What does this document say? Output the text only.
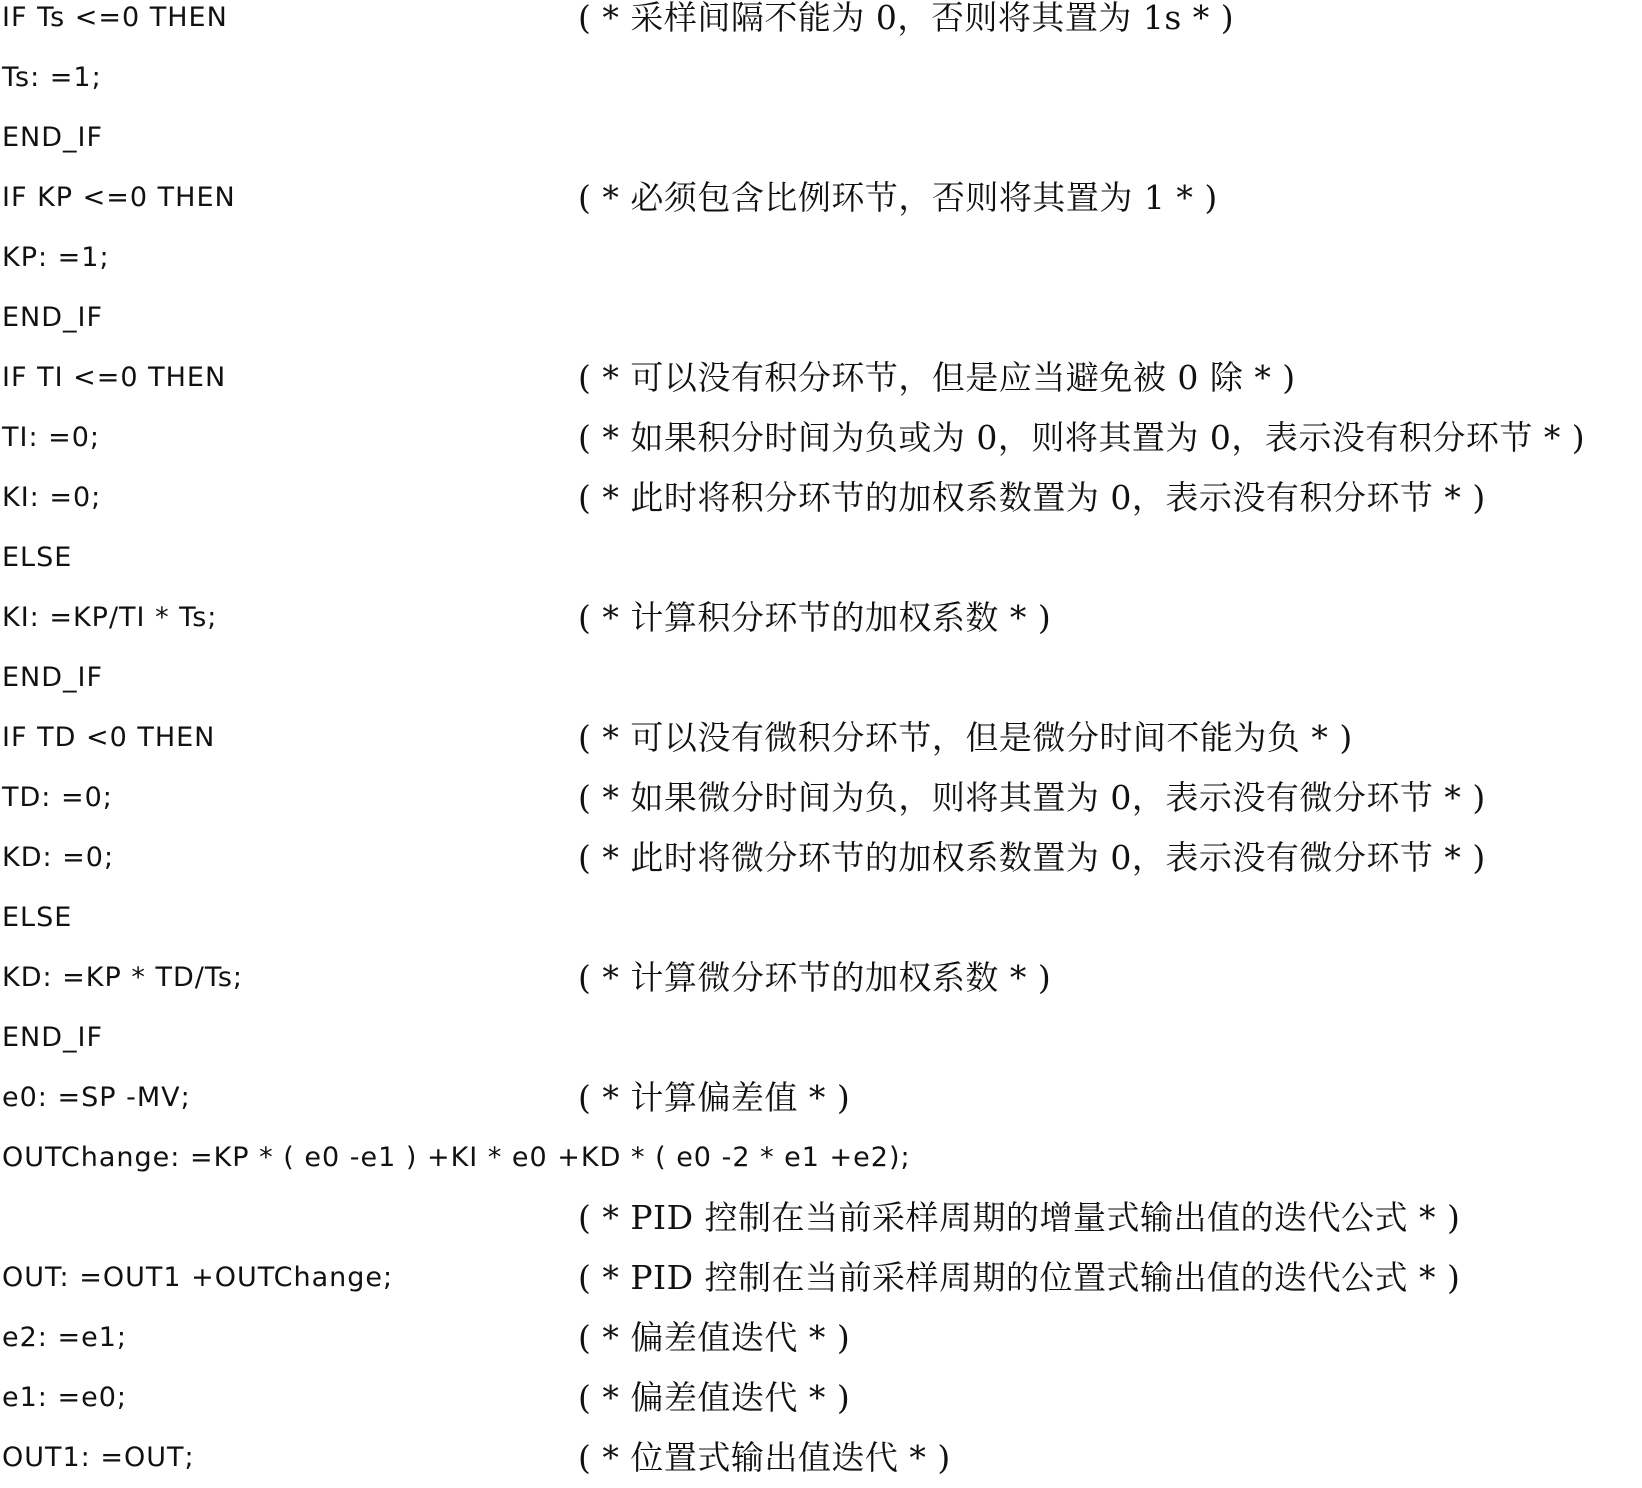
IF Ts <=0 THEN	( * 采样间隔不能为 0，否则将其置为 1s * )
Ts: =1;
END_IF
IF KP <=0 THEN	( * 必须包含比例环节，否则将其置为 1 * )
KP: =1;
END_IF
IF TI <=0 THEN	( * 可以没有积分环节，但是应当避免被 0 除 * )
TI: =0;	( * 如果积分时间为负或为 0，则将其置为 0，表示没有积分环节 * )
KI: =0;	( * 此时将积分环节的加权系数置为 0，表示没有积分环节 * )
ELSE
KI: =KP/TI * Ts;	( * 计算积分环节的加权系数 * )
END_IF
IF TD <0 THEN	( * 可以没有微积分环节，但是微分时间不能为负 * )
TD: =0;	( * 如果微分时间为负，则将其置为 0，表示没有微分环节 * )
KD: =0;	( * 此时将微分环节的加权系数置为 0，表示没有微分环节 * )
ELSE
KD: =KP * TD/Ts;	( * 计算微分环节的加权系数 * )
END_IF
e0: =SP -MV;	( * 计算偏差值 * )
OUTChange: =KP * ( e0 -e1 ) +KI * e0 +KD * ( e0 -2 * e1 +e2);
( * PID 控制在当前采样周期的增量式输出值的迭代公式 * )
OUT: =OUT1 +OUTChange;	( * PID 控制在当前采样周期的位置式输出值的迭代公式 * )
e2: =e1;	( * 偏差值迭代 * )
e1: =e0;	( * 偏差值迭代 * )
OUT1: =OUT;	( * 位置式输出值迭代 * )
